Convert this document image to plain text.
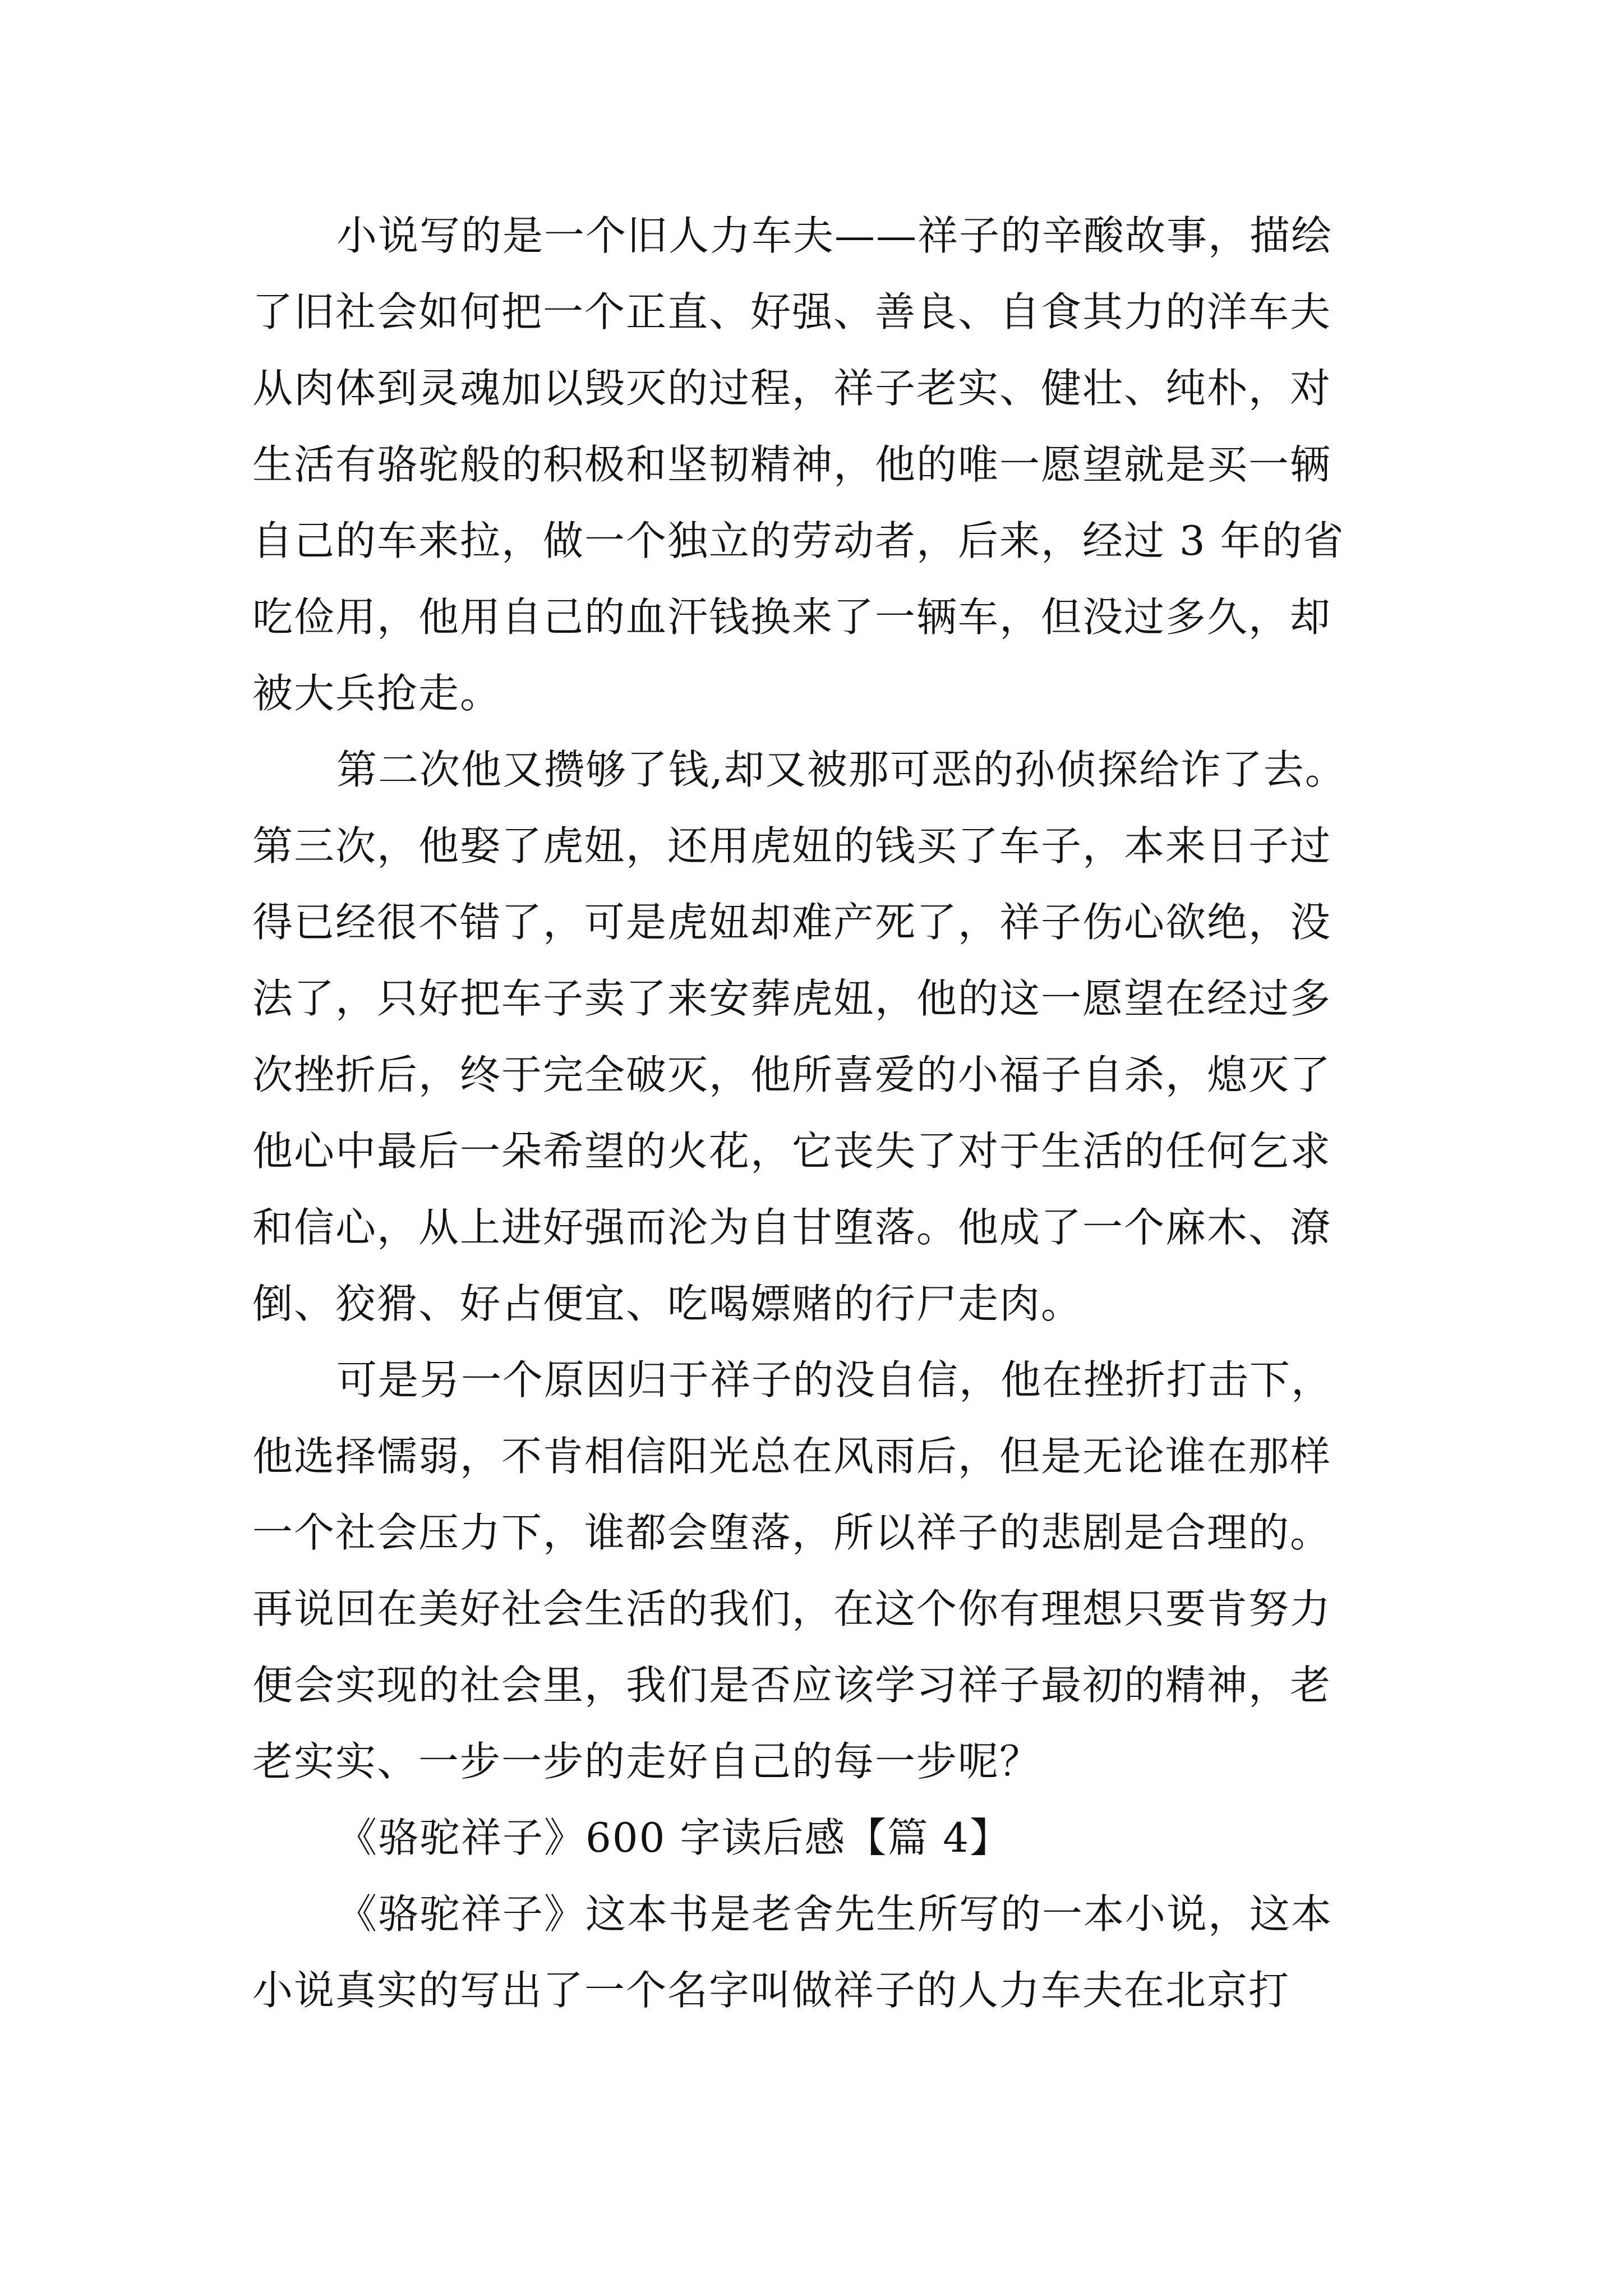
小说写的是一个旧人力车夫——祥子的辛酸故事，描绘
了旧社会如何把一个正直、好强、善良、自食其力的洋车夫
从肉体到灵魂加以毁灭的过程，祥子老实、健壮、纯朴，对
生活有骆驼般的积极和坚韧精神，他的唯一愿望就是买一辆
自己的车来拉，做一个独立的劳动者，后来，经过 3 年的省
吃俭用，他用自己的血汗钱换来了一辆车，但没过多久，却
被大兵抢走。
第二次他又攒够了钱,却又被那可恶的孙侦探给诈了去。
第三次，他娶了虎妞，还用虎妞的钱买了车子，本来日子过
得已经很不错了，可是虎妞却难产死了，祥子伤心欲绝，没
法了，只好把车子卖了来安葬虎妞，他的这一愿望在经过多
次挫折后，终于完全破灭，他所喜爱的小福子自杀，熄灭了
他心中最后一朵希望的火花，它丧失了对于生活的任何乞求
和信心，从上进好强而沦为自甘堕落。他成了一个麻木、潦
倒、狡猾、好占便宜、吃喝嫖赌的行尸走肉。
可是另一个原因归于祥子的没自信，他在挫折打击下，
他选择懦弱，不肯相信阳光总在风雨后，但是无论谁在那样
一个社会压力下，谁都会堕落，所以祥子的悲剧是合理的。
再说回在美好社会生活的我们，在这个你有理想只要肯努力
便会实现的社会里，我们是否应该学习祥子最初的精神，老
老实实、一步一步的走好自己的每一步呢？
《骆驼祥子》600 字读后感【篇 4】
《骆驼祥子》这本书是老舍先生所写的一本小说，这本
小说真实的写出了一个名字叫做祥子的人力车夫在北京打
